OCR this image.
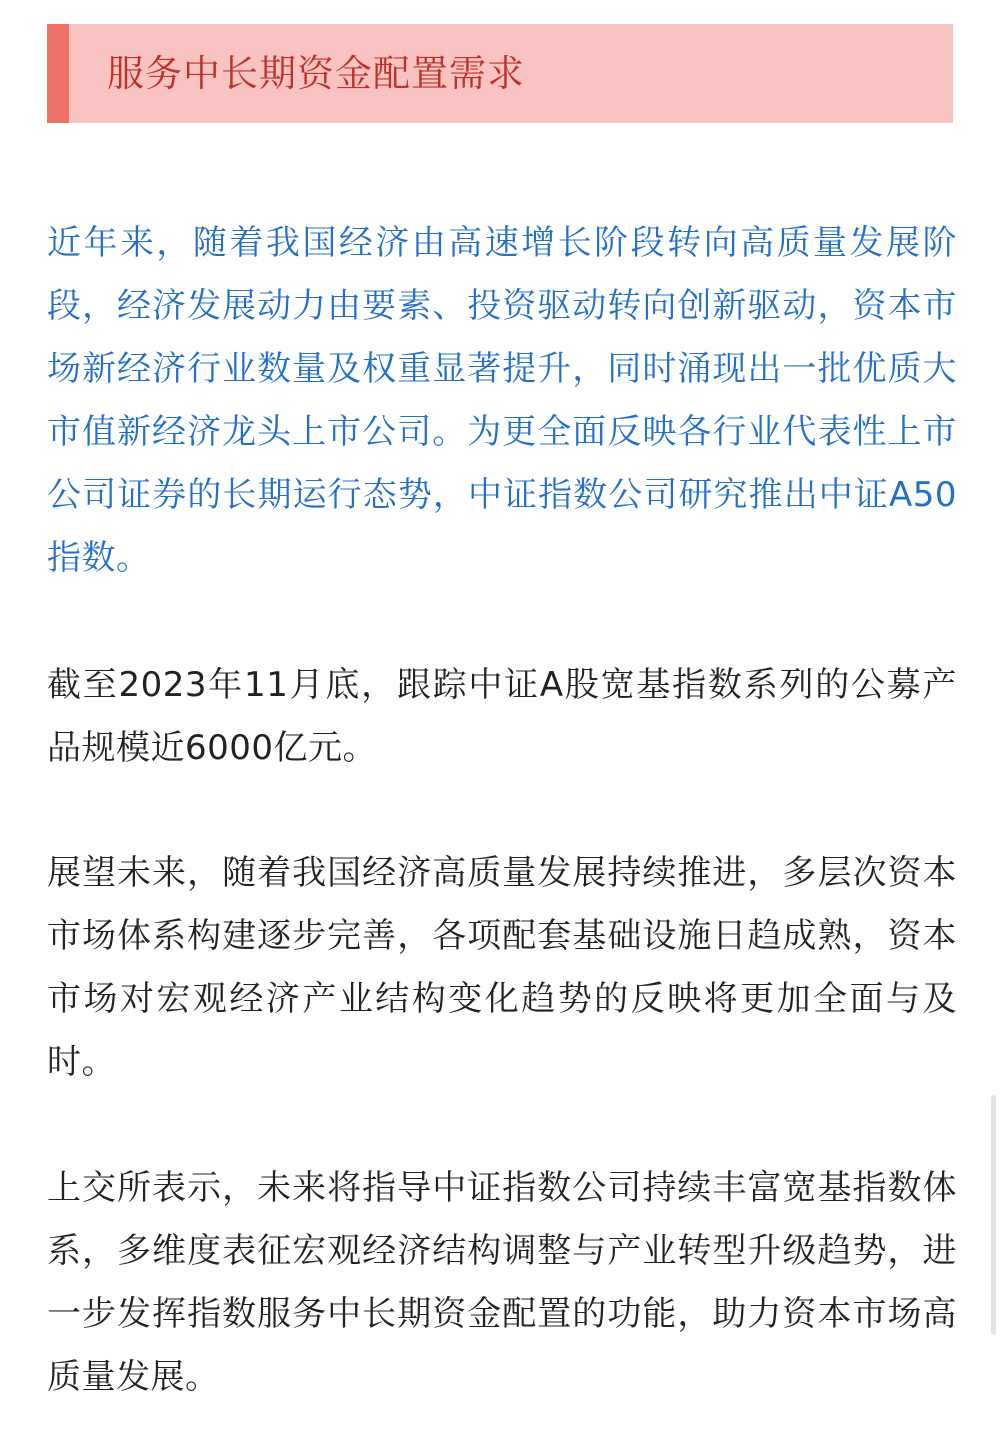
服务中长期资金配置需求

近年来，随着我国经济由高速增长阶段转向高质量发展阶段，经济发展动力由要素、投资驱动转向创新驱动，资本市场新经济行业数量及权重显著提升，同时涌现出一批优质大市值新经济龙头上市公司。为更全面反映各行业代表性上市公司证券的长期运行态势，中证指数公司研究推出中证A50指数。

截至2023年11月底，跟踪中证A股宽基指数系列的公募产品规模近6000亿元。

展望未来，随着我国经济高质量发展持续推进，多层次资本市场体系构建逐步完善，各项配套基础设施日趋成熟，资本市场对宏观经济产业结构变化趋势的反映将更加全面与及时。

上交所表示，未来将指导中证指数公司持续丰富宽基指数体系，多维度表征宏观经济结构调整与产业转型升级趋势，进一步发挥指数服务中长期资金配置的功能，助力资本市场高质量发展。
